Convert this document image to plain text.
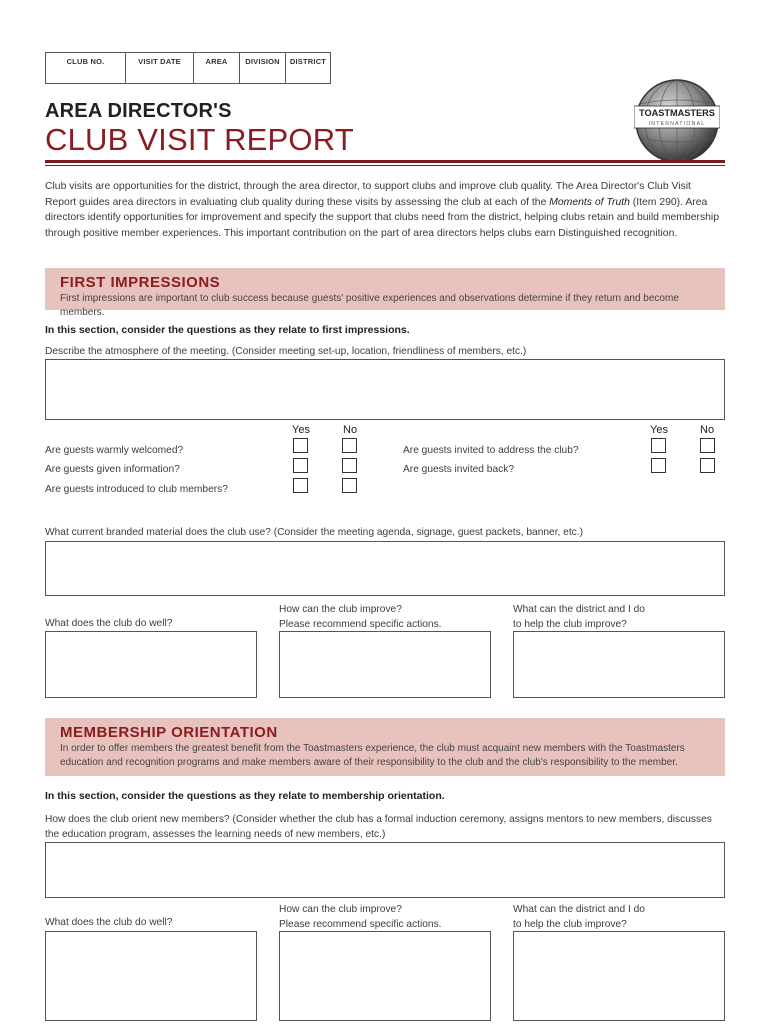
CLUB NO.	VISIT DATE	AREA	DIVISION	DISTRICT
AREA DIRECTOR'S
CLUB VISIT REPORT
TOASTMASTERS
INTERNATIONAL
Club visits are opportunities for the district, through the area director, to support clubs and improve club quality. The Area Director's Club Visit Report guides area directors in evaluating club quality during these visits by assessing the club at each of the Moments of Truth (Item 290). Area directors identify opportunities for improvement and specify the support that clubs need from the district, helping clubs retain and build membership through positive member experiences. This important contribution on the part of area directors helps clubs earn Distinguished recognition.
FIRST IMPRESSIONS
First impressions are important to club success because guests' positive experiences and observations determine if they return and become members.
In this section, consider the questions as they relate to first impressions.
Describe the atmosphere of the meeting. (Consider meeting set-up, location, friendliness of members, etc.)
Yes	No	Yes	No
Are guests warmly welcomed?
Are guests given information?
Are guests introduced to club members?
Are guests invited to address the club?
Are guests invited back?
What current branded material does the club use? (Consider the meeting agenda, signage, guest packets, banner, etc.)
What does the club do well?
How can the club improve?
Please recommend specific actions.
What can the district and I do
to help the club improve?
MEMBERSHIP ORIENTATION
In order to offer members the greatest benefit from the Toastmasters experience, the club must acquaint new members with the Toastmasters
education and recognition programs and make members aware of their responsibility to the club and the club's responsibility to the member.
In this section, consider the questions as they relate to membership orientation.
How does the club orient new members? (Consider whether the club has a formal induction ceremony, assigns mentors to new members, discusses
the education program, assesses the learning needs of new members, etc.)
What does the club do well?
How can the club improve?
Please recommend specific actions.
What can the district and I do
to help the club improve?
